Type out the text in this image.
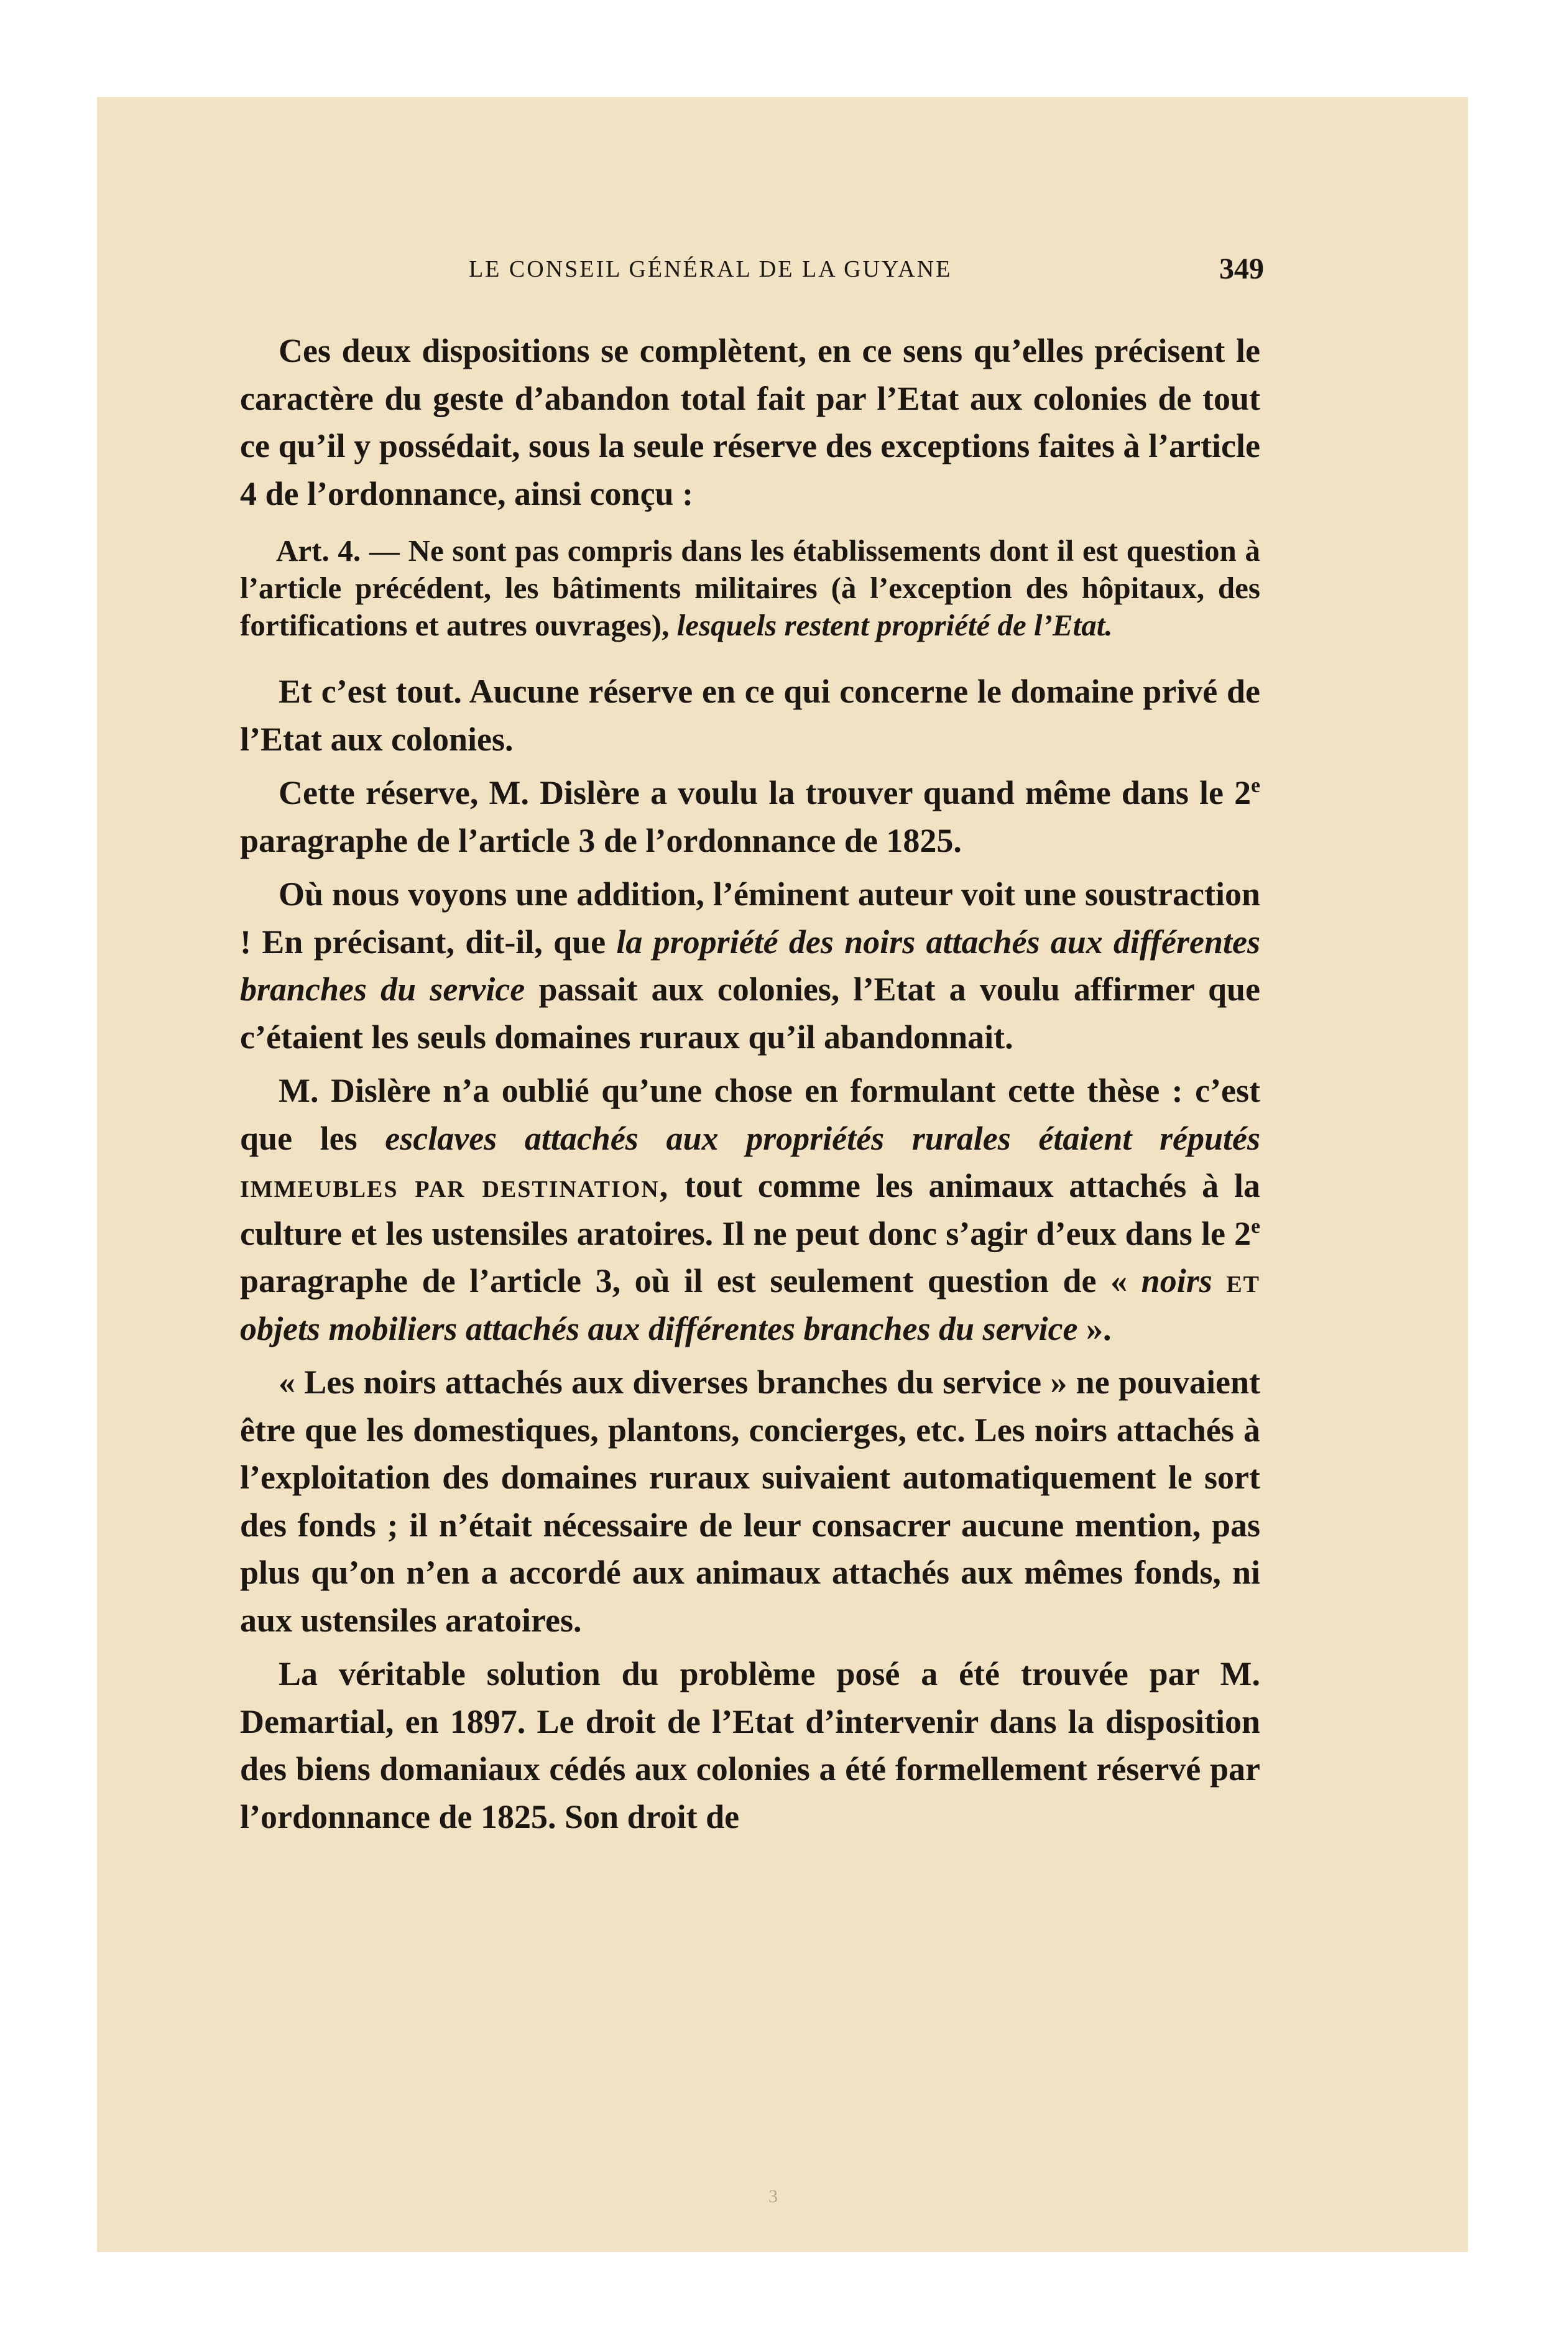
LE CONSEIL GÉNÉRAL DE LA GUYANE	349

Ces deux dispositions se complètent, en ce sens qu’elles précisent le caractère du geste d’abandon total fait par l’Etat aux colonies de tout ce qu’il y possédait, sous la seule réserve des exceptions faites à l’article 4 de l’ordonnance, ainsi conçu :

Art. 4. — Ne sont pas compris dans les établissements dont il est question à l’article précédent, les bâtiments militaires (à l’exception des hôpitaux, des fortifications et autres ouvrages), lesquels restent propriété de l’Etat.

Et c’est tout. Aucune réserve en ce qui concerne le domaine privé de l’Etat aux colonies.

Cette réserve, M. Dislère a voulu la trouver quand même dans le 2e paragraphe de l’article 3 de l’ordonnance de 1825.

Où nous voyons une addition, l’éminent auteur voit une soustraction ! En précisant, dit-il, que la propriété des noirs attachés aux différentes branches du service passait aux colonies, l’Etat a voulu affirmer que c’étaient les seuls domaines ruraux qu’il abandonnait.

M. Dislère n’a oublié qu’une chose en formulant cette thèse : c’est que les esclaves attachés aux propriétés rurales étaient réputés immeubles par destination, tout comme les animaux attachés à la culture et les ustensiles aratoires. Il ne peut donc s’agir d’eux dans le 2e paragraphe de l’article 3, où il est seulement question de « noirs et objets mobiliers attachés aux différentes branches du service ».

« Les noirs attachés aux diverses branches du service » ne pouvaient être que les domestiques, plantons, concierges, etc. Les noirs attachés à l’exploitation des domaines ruraux suivaient automatiquement le sort des fonds ; il n’était nécessaire de leur consacrer aucune mention, pas plus qu’on n’en a accordé aux animaux attachés aux mêmes fonds, ni aux ustensiles aratoires.

La véritable solution du problème posé a été trouvée par M. Demartial, en 1897. Le droit de l’Etat d’intervenir dans la disposition des biens domaniaux cédés aux colonies a été formellement réservé par l’ordonnance de 1825. Son droit de

3
